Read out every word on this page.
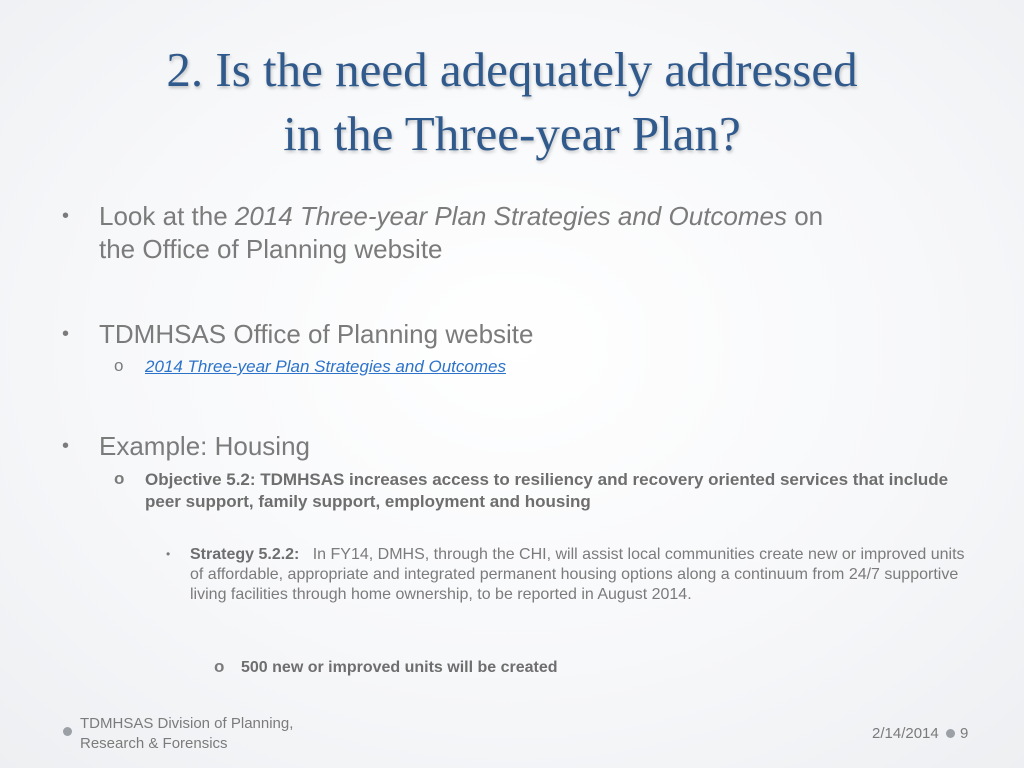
2. Is the need adequately addressed
in the Three-year Plan?
• Look at the 2014 Three-year Plan Strategies and Outcomes on the Office of Planning website
• TDMHSAS Office of Planning website
o 2014 Three-year Plan Strategies and Outcomes
• Example: Housing
o Objective 5.2: TDMHSAS increases access to resiliency and recovery oriented services that include peer support, family support, employment and housing
• Strategy 5.2.2: In FY14, DMHS, through the CHI, will assist local communities create new or improved units of affordable, appropriate and integrated permanent housing options along a continuum from 24/7 supportive living facilities through home ownership, to be reported in August 2014.
o 500 new or improved units will be created
TDMHSAS Division of Planning,
Research & Forensics
2/14/2014 9
